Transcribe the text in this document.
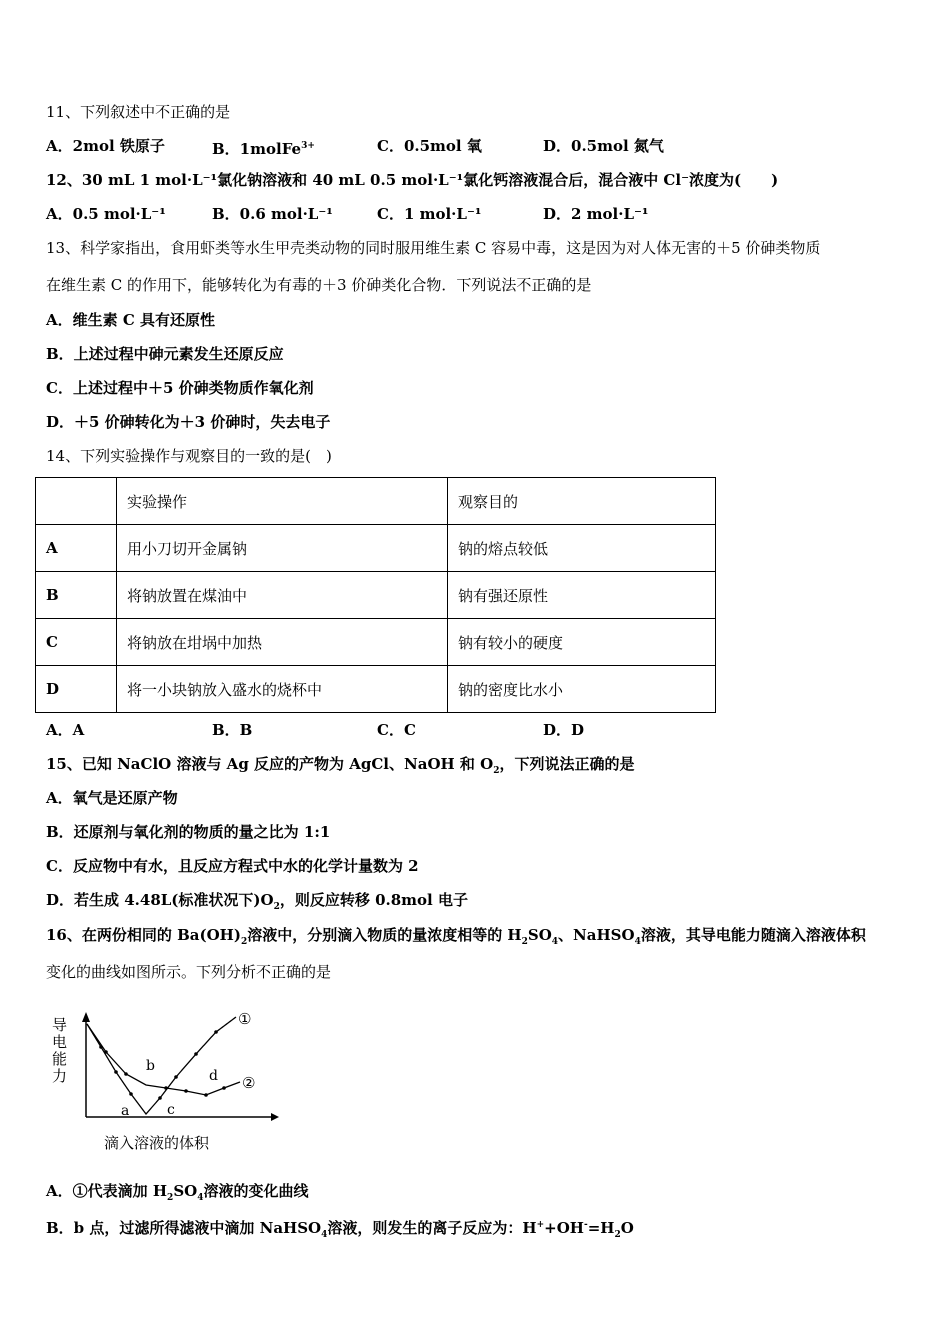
11、下列叙述中不正确的是
A．2mol 铁原子	B．1molFe$^{3+}$	C．0.5mol 氧	D．0.5mol 氮气
12、30 mL 1 mol·L⁻¹氯化钠溶液和 40 mL 0.5 mol·L⁻¹氯化钙溶液混合后，混合液中 Cl⁻浓度为(　　)
A．0.5 mol·L⁻¹	B．0.6 mol·L⁻¹	C．1 mol·L⁻¹	D．2 mol·L⁻¹
13、科学家指出，食用虾类等水生甲壳类动物的同时服用维生素 C 容易中毒，这是因为对人体无害的＋5 价砷类物质
在维生素 C 的作用下，能够转化为有毒的＋3 价砷类化合物．下列说法不正确的是
A．维生素 C 具有还原性
B．上述过程中砷元素发生还原反应
C．上述过程中＋5 价砷类物质作氧化剂
D．＋5 价砷转化为＋3 价砷时，失去电子
14、下列实验操作与观察目的一致的是(　)
	实验操作	观察目的
A	用小刀切开金属钠	钠的熔点较低
B	将钠放置在煤油中	钠有强还原性
C	将钠放在坩埚中加热	钠有较小的硬度
D	将一小块钠放入盛水的烧杯中	钠的密度比水小
A．A	B．B	C．C	D．D
15、已知 NaClO 溶液与 Ag 反应的产物为 AgCl、NaOH 和 $O_2$，下列说法正确的是
A．氧气是还原产物
B．还原剂与氧化剂的物质的量之比为 1:1
C．反应物中有水，且反应方程式中水的化学计量数为 2
D．若生成 4.48L(标准状况下)$O_2$，则反应转移 0.8mol 电子
16、在两份相同的 $Ba(OH)_2$溶液中，分别滴入物质的量浓度相等的 $H_2SO_4$、NaHSO$_4$溶液，其导电能力随滴入溶液体积
变化的曲线如图所示。下列分析不正确的是
导
电
能
力
滴入溶液的体积
a
b
c
d
①
②
A．①代表滴加 $H_2SO_4$溶液的变化曲线
B．b 点，过滤所得滤液中滴加 NaHSO$_4$溶液，则发生的离子反应为：$H^++OH^-=H_2O$
